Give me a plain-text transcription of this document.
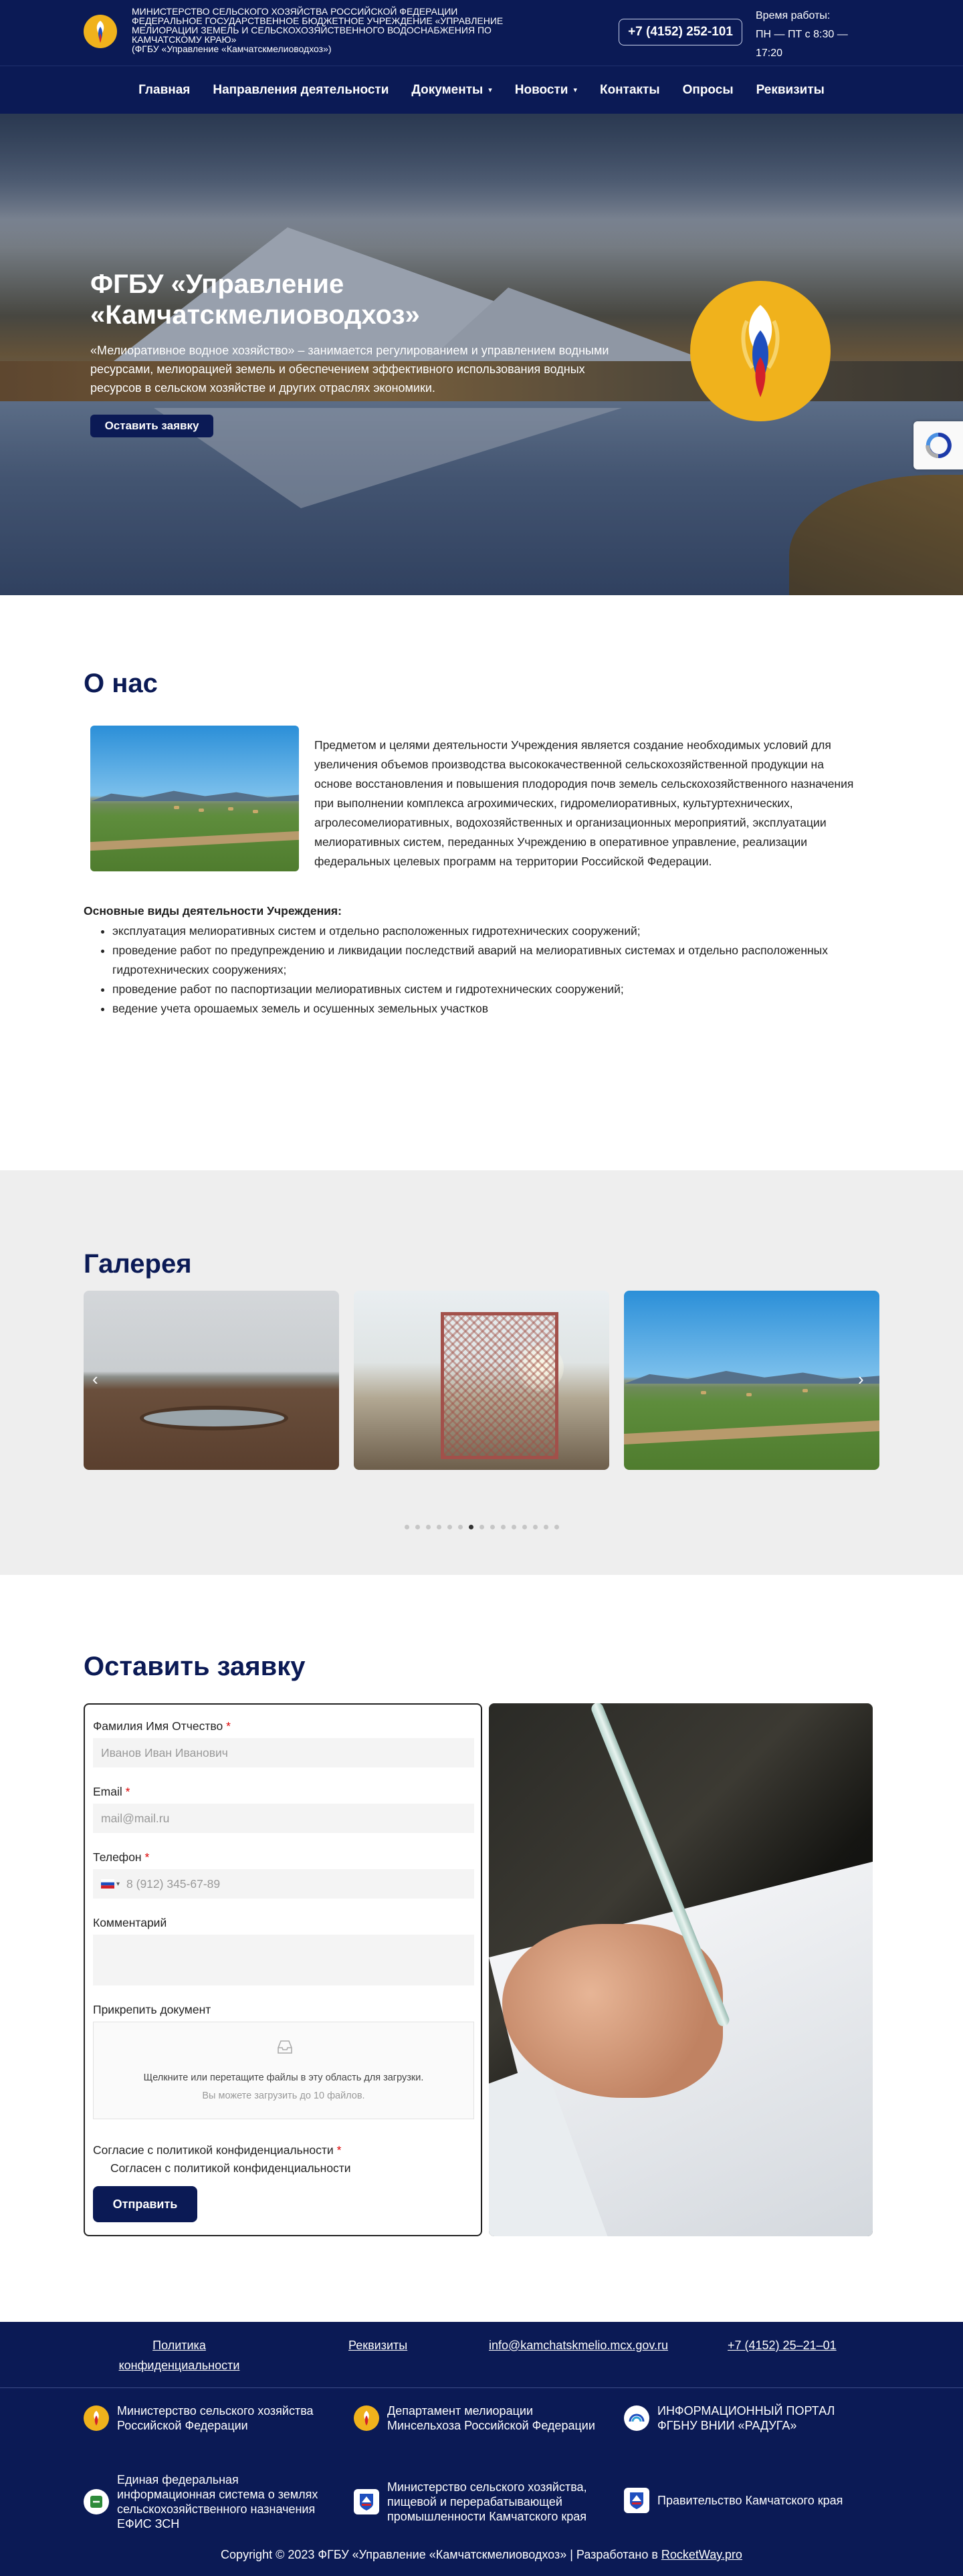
МИНИСТЕРСТВО СЕЛЬСКОГО ХОЗЯЙСТВА РОССИЙСКОЙ ФЕДЕРАЦИИ
ФЕДЕРАЛЬНОЕ ГОСУДАРСТВЕННОЕ БЮДЖЕТНОЕ УЧРЕЖДЕНИЕ «УПРАВЛЕНИЕ
МЕЛИОРАЦИИ ЗЕМЕЛЬ И СЕЛЬСКОХОЗЯЙСТВЕННОГО ВОДОСНАБЖЕНИЯ ПО
КАМЧАТСКОМУ КРАЮ»
(ФГБУ «Управление «Камчатскмелиоводхоз»)
+7 (4152) 252-101
Время работы:
ПН — ПТ с 8:30 —
17:20
Главная Направления деятельности Документы ▾ Новости ▾ Контакты Опросы Реквизиты
ФГБУ «Управление «Камчатскмелиоводхоз»

«Мелиоративное водное хозяйство» – занимается регулированием и управлением водными ресурсами, мелиорацией земель и обеспечением эффективного использования водных ресурсов в сельском хозяйстве и других отраслях экономики.

Оставить заявку
О нас
Предметом и целями деятельности Учреждения является создание необходимых условий для увеличения объемов производства высококачественной сельскохозяйственной продукции на основе восстановления и повышения плодородия почв земель сельскохозяйственного назначения при выполнении комплекса агрохимических, гидромелиоративных, культуртехнических, агролесомелиоративных, водохозяйственных и организационных мероприятий, эксплуатации мелиоративных систем, переданных Учреждению в оперативное управление, реализации федеральных целевых программ на территории Российской Федерации.
Основные виды деятельности Учреждения:
• эксплуатация мелиоративных систем и отдельно расположенных гидротехнических сооружений;
• проведение работ по предупреждению и ликвидации последствий аварий на мелиоративных системах и отдельно расположенных гидротехнических сооружениях;
• проведение работ по паспортизации мелиоративных систем и гидротехнических сооружений;
• ведение учета орошаемых земель и осушенных земельных участков
Галерея
‹	›
Оставить заявку
Фамилия Имя Отчество *
Иванов Иван Иванович
Email *
mail@mail.ru
Телефон *
▾ 8 (912) 345-67-89
Комментарий
Прикрепить документ
Щелкните или перетащите файлы в эту область для загрузки.
Вы можете загрузить до 10 файлов.
Согласие с политикой конфиденциальности *
Согласен с политикой конфиденциальности
Отправить
Политика
конфиденциальности
Реквизиты	info@kamchatskmelio.mcx.gov.ru	+7 (4152) 25–21–01
Министерство сельского хозяйства
Российской Федерации
Департамент мелиорации
Минсельхоза Российской Федерации
ИНФОРМАЦИОННЫЙ ПОРТАЛ
ФГБНУ ВНИИ «РАДУГА»
Единая федеральная
информационная система о землях
сельскохозяйственного назначения
ЕФИС ЗСН
Министерство сельского хозяйства,
пищевой и перерабатывающей
промышленности Камчатского края
Правительство Камчатского края
Copyright © 2023 ФГБУ «Управление «Камчатскмелиоводхоз» | Разработано в RocketWay.pro
